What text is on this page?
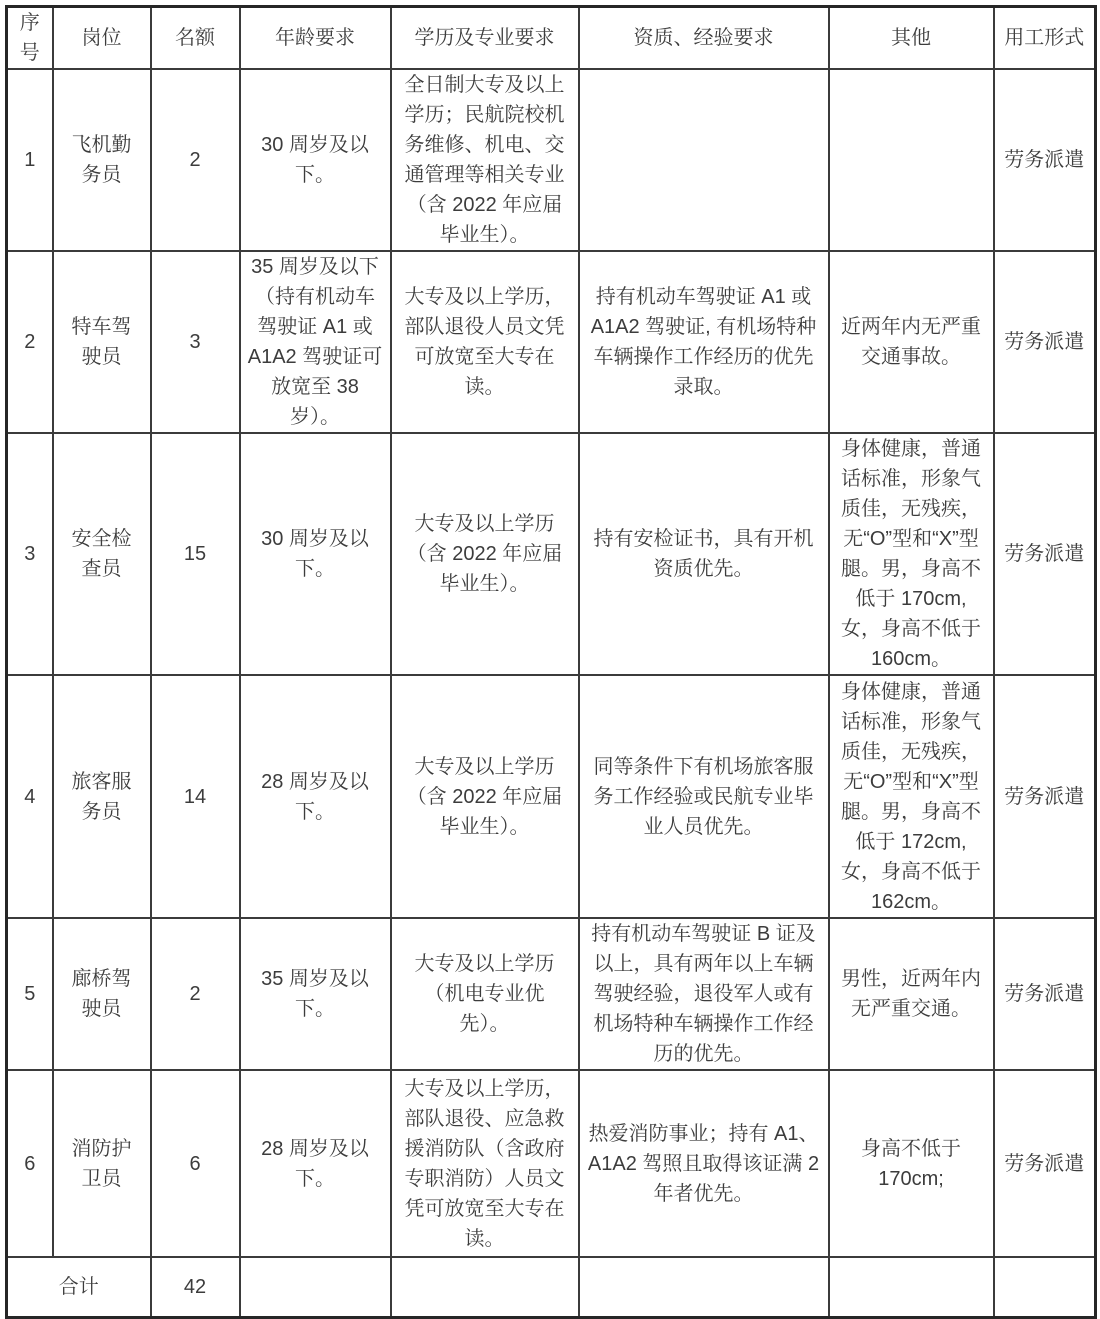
序号	岗位	名额	年龄要求	学历及专业要求	资质、经验要求	其他	用工形式
1	飞机勤务员	2	30 周岁及以下。	全日制大专及以上学历；民航院校机务维修、机电、交通管理等相关专业（含 2022 年应届毕业生）。			劳务派遣
2	特车驾驶员	3	35 周岁及以下（持有机动车驾驶证 A1 或 A1A2 驾驶证可放宽至 38 岁）。	大专及以上学历，部队退役人员文凭可放宽至大专在读。	持有机动车驾驶证 A1 或 A1A2 驾驶证, 有机场特种车辆操作工作经历的优先录取。	近两年内无严重交通事故。	劳务派遣
3	安全检查员	15	30 周岁及以下。	大专及以上学历（含 2022 年应届毕业生）。	持有安检证书，具有开机资质优先。	身体健康，普通话标准，形象气质佳，无残疾，无“O”型和“X”型腿。男，身高不低于 170cm, 女，身高不低于 160cm。	劳务派遣
4	旅客服务员	14	28 周岁及以下。	大专及以上学历（含 2022 年应届毕业生）。	同等条件下有机场旅客服务工作经验或民航专业毕业人员优先。	身体健康，普通话标准，形象气质佳，无残疾，无“O”型和“X”型腿。男，身高不低于 172cm, 女，身高不低于 162cm。	劳务派遣
5	廊桥驾驶员	2	35 周岁及以下。	大专及以上学历（机电专业优先）。	持有机动车驾驶证 B 证及以上，具有两年以上车辆驾驶经验，退役军人或有机场特种车辆操作工作经历的优先。	男性，近两年内无严重交通。	劳务派遣
6	消防护卫员	6	28 周岁及以下。	大专及以上学历，部队退役、应急救援消防队（含政府专职消防）人员文凭可放宽至大专在读。	热爱消防事业；持有 A1、A1A2 驾照且取得该证满 2 年者优先。	身高不低于 170cm;	劳务派遣
合计		42					
